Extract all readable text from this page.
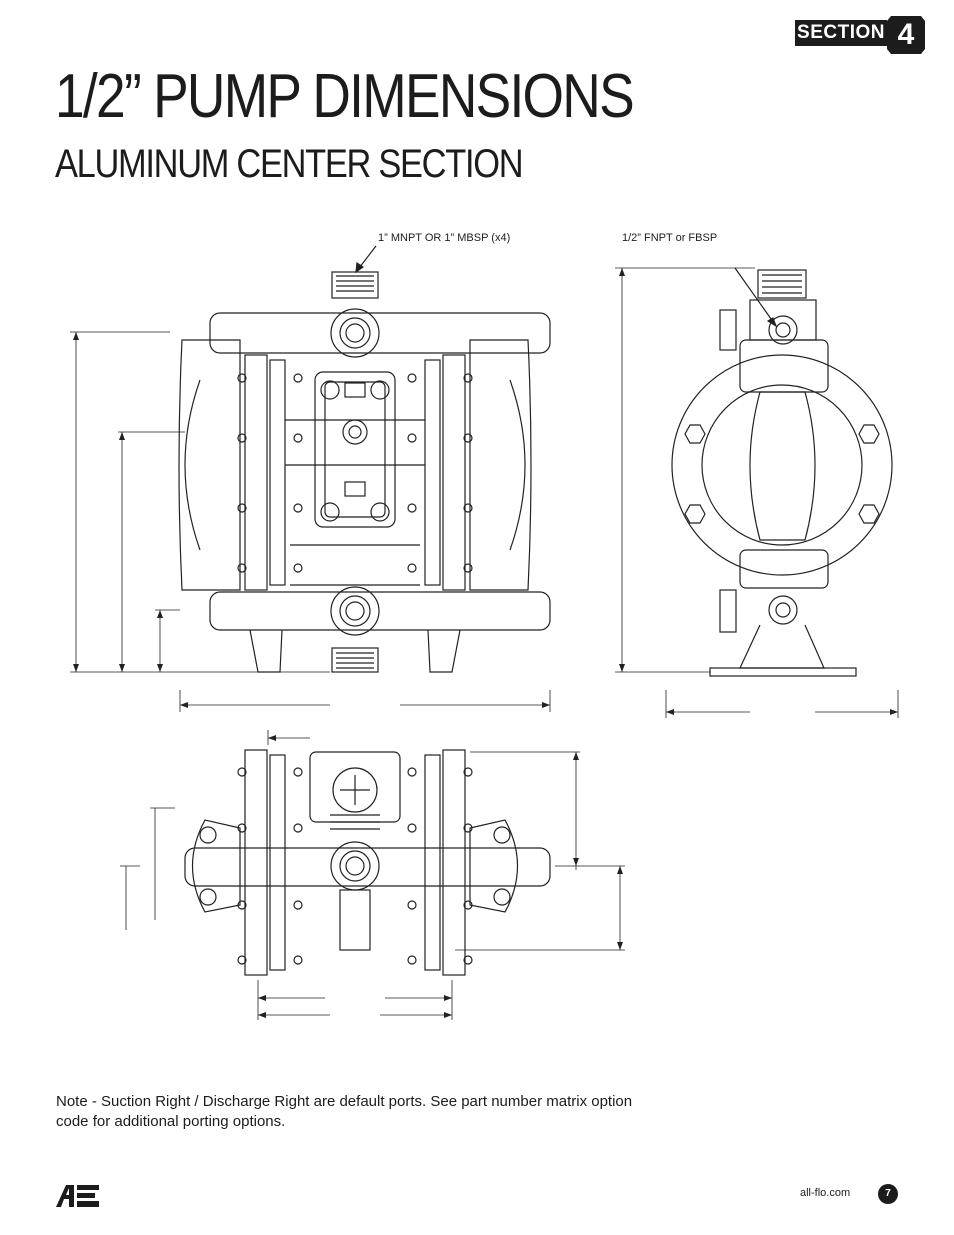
SECTION 4
1/2” PUMP DIMENSIONS
ALUMINUM CENTER SECTION
1” MNPT OR 1” MBSP (x4)	1/2” FNPT or FBSP
Note - Suction Right / Discharge Right are default ports. See part number matrix option code for additional porting options.
all-flo.com	7
